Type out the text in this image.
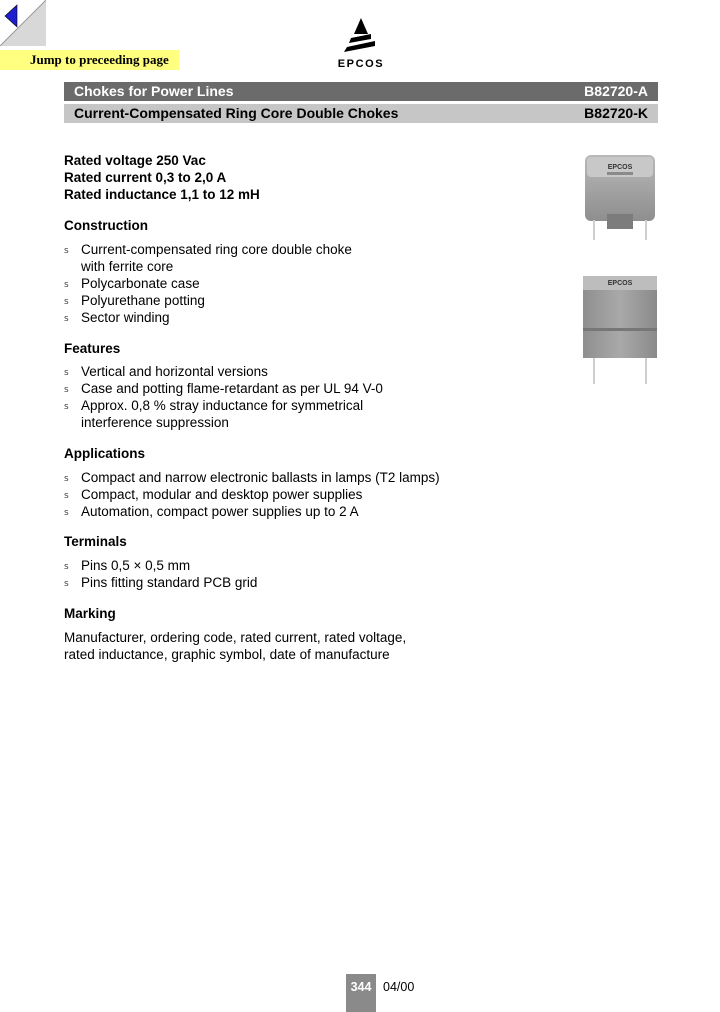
Jump to preceeding page	EPCOS
Chokes for Power Lines	B82720-A
Current-Compensated Ring Core Double Chokes	B82720-K
Rated voltage 250 Vac
Rated current 0,3 to 2,0 A
Rated inductance 1,1 to 12 mH
Construction
s Current-compensated ring core double choke
with ferrite core
s Polycarbonate case
s Polyurethane potting
s Sector winding
Features
s Vertical and horizontal versions
s Case and potting flame-retardant as per UL 94 V-0
s Approx. 0,8 % stray inductance for symmetrical
interference suppression
Applications
s Compact and narrow electronic ballasts in lamps (T2 lamps)
s Compact, modular and desktop power supplies
s Automation, compact power supplies up to 2 A
Terminals
s Pins 0,5 × 0,5 mm
s Pins fitting standard PCB grid
Marking
Manufacturer, ordering code, rated current, rated voltage,
rated inductance, graphic symbol, date of manufacture
EPCOS
EPCOS
344 04/00
